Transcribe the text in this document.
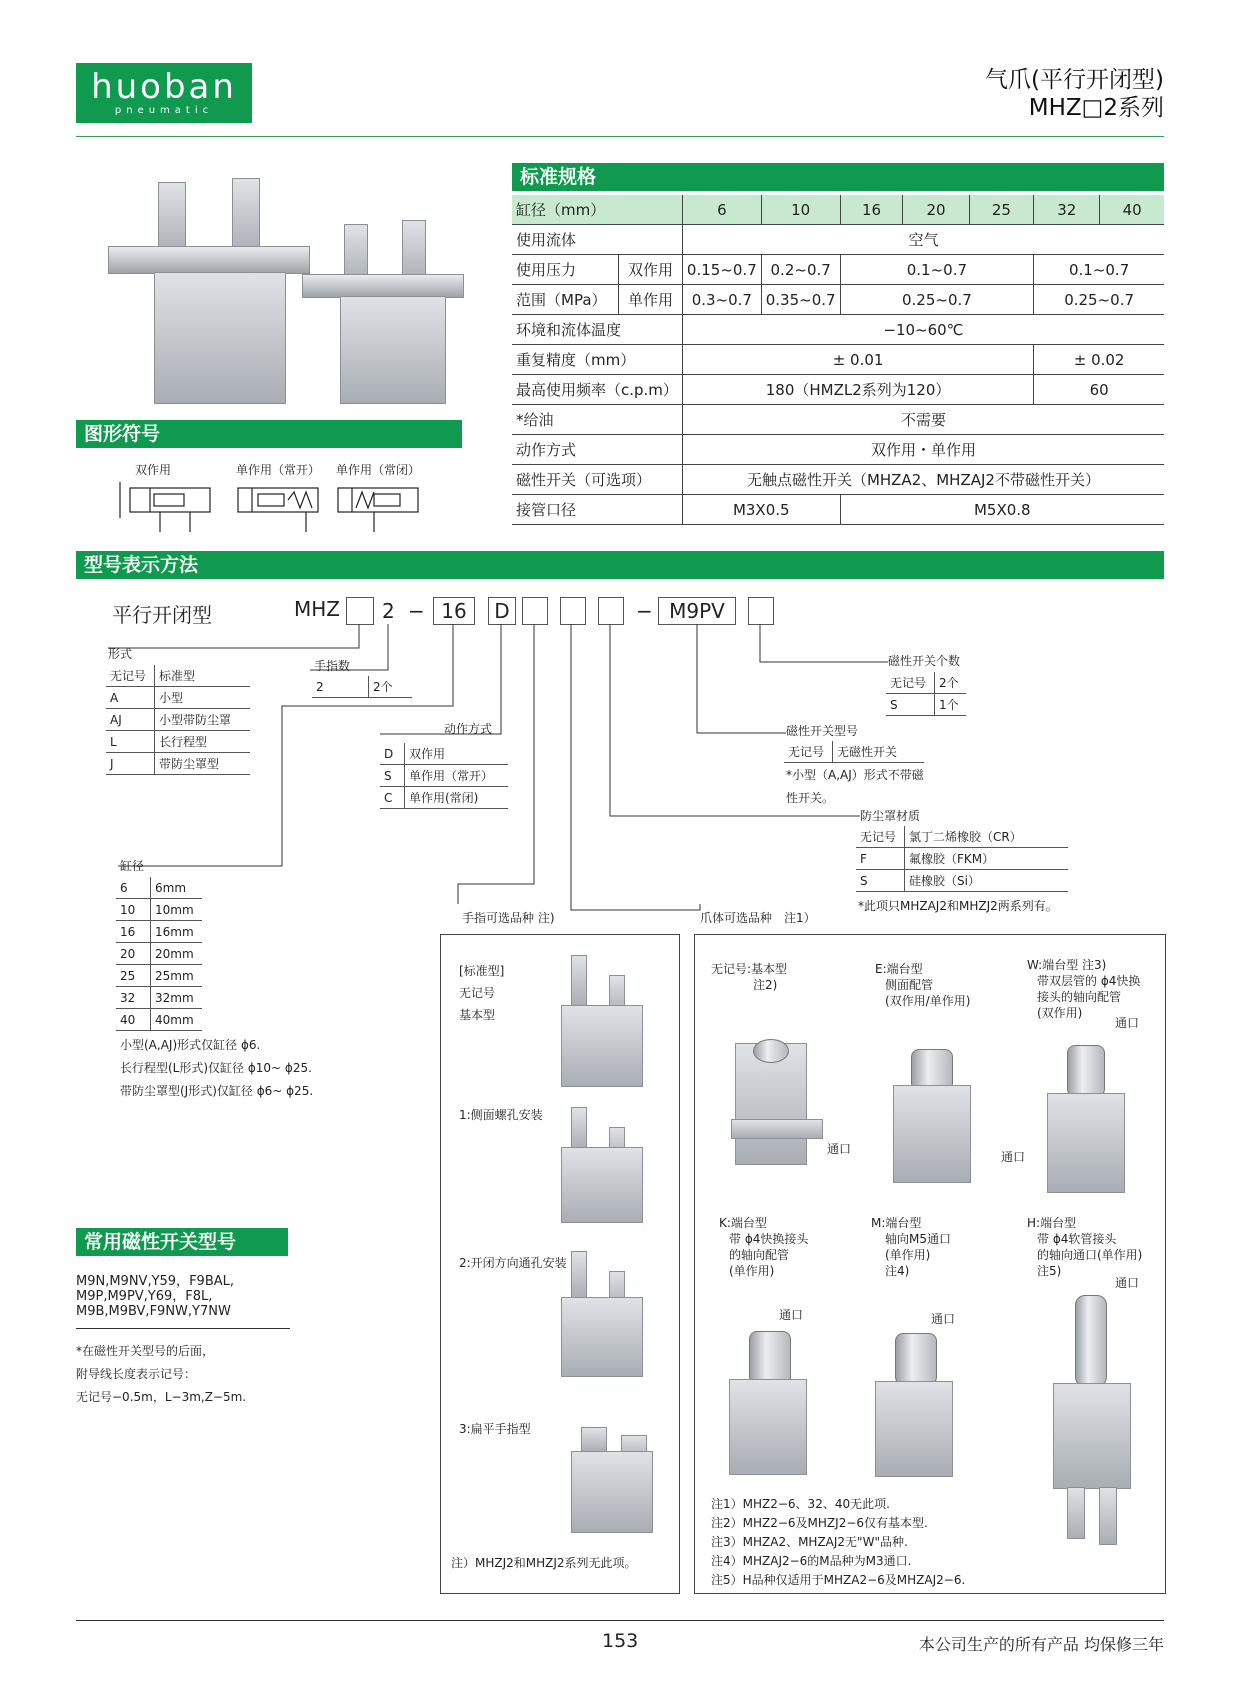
huoban
pneumatic
气爪(平行开闭型)
MHZ□2系列
图形符号
双作用	单作用（常开） 单作用（常闭）
标准规格
缸径（mm）		6	10	16	20	25	32	40
使用流体		空气						
使用压力	双作用	0.15~0.7	0.2~0.7	0.1~0.7			0.1~0.7	
范围（MPa）	单作用	0.3~0.7	0.35~0.7	0.25~0.7			0.25~0.7	
环境和流体温度		−10~60℃						
重复精度（mm）		± 0.01					± 0.02	
最高使用频率（c.p.m）		180（HMZL2系列为120）					60	
*给油		不需要						
动作方式		双作用・单作用						
磁性开关（可选项）		无触点磁性开关（MHZA2、MHZAJ2不带磁性开关）						
接管口径		M3X0.5		M5X0.8				
型号表示方法
平行开闭型	MHZ 2 − 16	D	− M9PV
形式
无记号	标准型
A	小型
AJ	小型带防尘罩
L	长行程型
J	带防尘罩型
手指数
2	2个
动作方式
D	双作用
S	单作用（常开）
C	单作用(常闭)
磁性开关个数
无记号	2个
S	1个
磁性开关型号
无记号	无磁性开关
*小型（A,AJ）形式不带磁
性开关。
防尘罩材质
无记号	氯丁二烯橡胶（CR）
F	氟橡胶（FKM）
S	硅橡胶（Si）
*此项只MHZAJ2和MHZJ2两系列有。
缸径
6	6mm
10	10mm
16	16mm
20	20mm
25	25mm
32	32mm
40	40mm
小型(A,AJ)形式仅缸径 ϕ6.
长行程型(L形式)仅缸径 ϕ10~ ϕ25.
带防尘罩型(J形式)仅缸径 ϕ6~ ϕ25.
手指可选品种 注)	爪体可选品种　注1）
[标准型]
无记号
基本型
1:侧面螺孔安装
2:开闭方向通孔安装
3:扁平手指型
注）MHZJ2和MHZJ2系列无此项。
无记号:基本型
注2)
E:端台型
侧面配管
(双作用/单作用)
W:端台型 注3)
带双层管的 ϕ4快换
接头的轴向配管
(双作用)
通口
通口
通口
K:端台型
带 ϕ4快换接头
的轴向配管
(单作用)
M:端台型
轴向M5通口
(单作用)
注4)
H:端台型
带 ϕ4软管接头
的轴向通口(单作用)
注5)
通口	通口
通口
注1）MHZ2−6、32、40无此项.
注2）MHZ2−6及MHZJ2−6仅有基本型.
注3）MHZA2、MHZAJ2无"W"品种.
注4）MHZAJ2−6的M品种为M3通口.
注5）H品种仅适用于MHZA2−6及MHZAJ2−6.
常用磁性开关型号
M9N,M9NV,Y59，F9BAL,
M9P,M9PV,Y69，F8L,
M9B,M9BV,F9NW,Y7NW
*在磁性开关型号的后面，
附导线长度表示记号：
无记号−0.5m，L−3m,Z−5m.
153	本公司生产的所有产品 均保修三年
